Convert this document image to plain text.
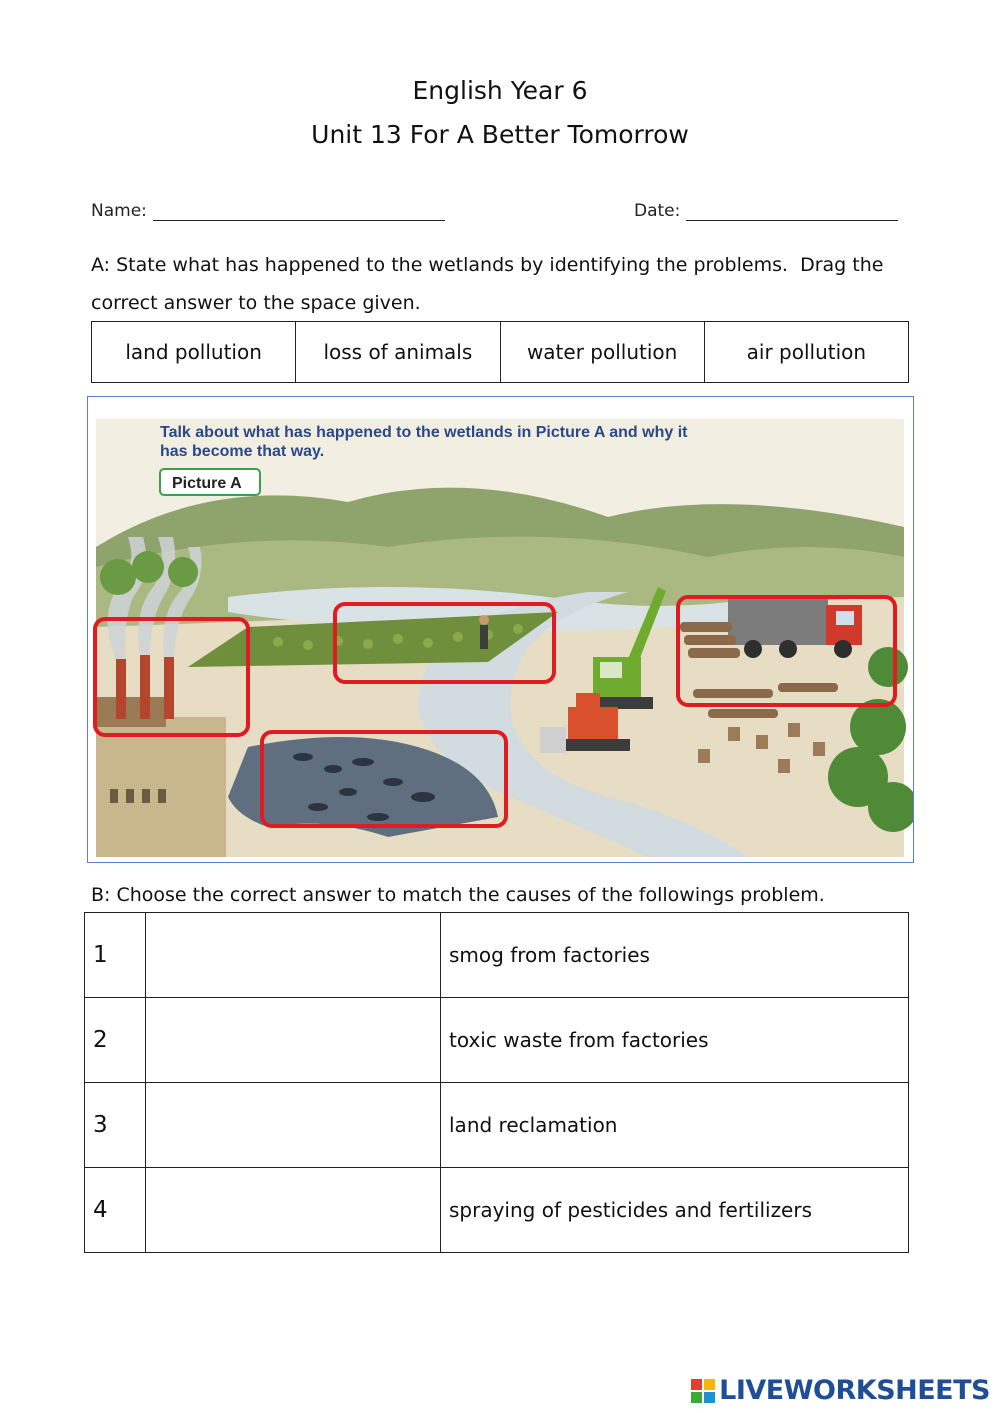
English Year 6
Unit 13 For A Better Tomorrow
Name:	Date:
A: State what has happened to the wetlands by identifying the problems.  Drag the
correct answer to the space given.
land pollution	loss of animals	water pollution	air pollution
Talk about what has happened to the wetlands in Picture A and why it
has become that way.
Picture A
B: Choose the correct answer to match the causes of the followings problem.
1		smog from factories
2		toxic waste from factories
3		land reclamation
4		spraying of pesticides and fertilizers
LIVEWORKSHEETS
